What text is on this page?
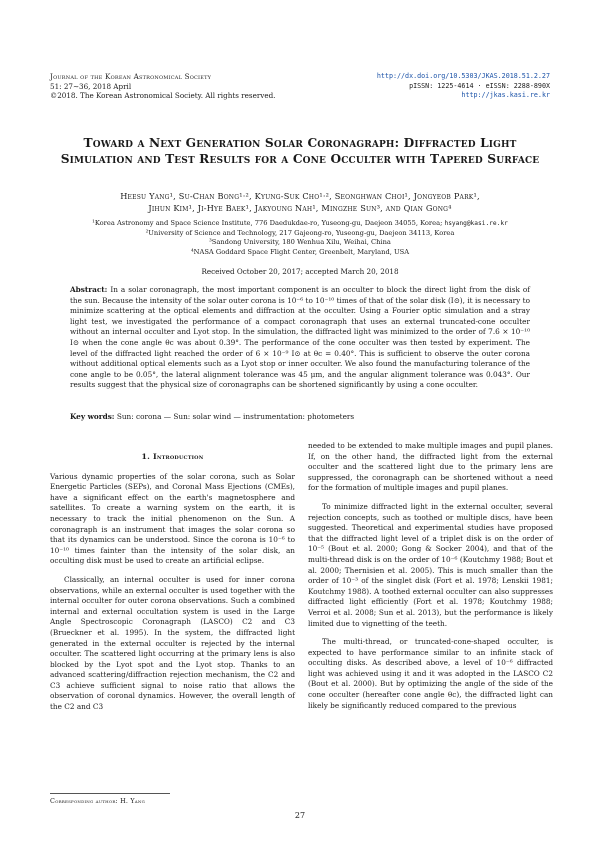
Journal of the Korean Astronomical Society
51: 27∼36, 2018 April
©2018. The Korean Astronomical Society. All rights reserved.
http://dx.doi.org/10.5303/JKAS.2018.51.2.27
pISSN: 1225-4614 · eISSN: 2288-890X
http://jkas.kasi.re.kr
Toward a Next Generation Solar Coronagraph: Diffracted Light Simulation and Test Results for a Cone Occulter with Tapered Surface
Heesu Yang¹, Su-Chan Bong¹·², Kyung-Suk Cho¹·², Seonghwan Choi¹, Jongyeob Park¹,
Jihun Kim¹, Ji-Hye Baek¹, Jakyoung Nah¹, Mingzhe Sun³, and Qian Gong⁴
¹Korea Astronomy and Space Science Institute, 776 Daedukdae-ro, Yuseong-gu, Daejeon 34055, Korea; hsyang@kasi.re.kr
²University of Science and Technology, 217 Gajeong-ro, Yuseong-gu, Daejeon 34113, Korea
³Sandong University, 180 Wenhua Xilu, Weihai, China
⁴NASA Goddard Space Flight Center, Greenbelt, Maryland, USA
Received October 20, 2017; accepted March 20, 2018
Abstract: In a solar coronagraph, the most important component is an occulter to block the direct light from the disk of the sun. Because the intensity of the solar outer corona is 10⁻⁶ to 10⁻¹⁰ times of that of the solar disk (I⊙), it is necessary to minimize scattering at the optical elements and diffraction at the occulter. Using a Fourier optic simulation and a stray light test, we investigated the performance of a compact coronagraph that uses an external truncated-cone occulter without an internal occulter and Lyot stop. In the simulation, the diffracted light was minimized to the order of 7.6 × 10⁻¹⁰ I⊙ when the cone angle θc was about 0.39°. The performance of the cone occulter was then tested by experiment. The level of the diffracted light reached the order of 6 × 10⁻⁹ I⊙ at θc = 0.40°. This is sufficient to observe the outer corona without additional optical elements such as a Lyot stop or inner occulter. We also found the manufacturing tolerance of the cone angle to be 0.05°, the lateral alignment tolerance was 45 μm, and the angular alignment tolerance was 0.043°. Our results suggest that the physical size of coronagraphs can be shortened significantly by using a cone occulter.
Key words: Sun: corona — Sun: solar wind — instrumentation: photometers
1. Introduction

Various dynamic properties of the solar corona, such as Solar Energetic Particles (SEPs), and Coronal Mass Ejections (CMEs), have a significant effect on the earth's magnetosphere and satellites. To create a warning system on the earth, it is necessary to track the initial phenomenon on the Sun. A coronagraph is an instrument that images the solar corona so that its dynamics can be understood. Since the corona is 10⁻⁶ to 10⁻¹⁰ times fainter than the intensity of the solar disk, an occulting disk must be used to create an artificial eclipse.

Classically, an internal occulter is used for inner corona observations, while an external occulter is used together with the internal occulter for outer corona observations. Such a combined internal and external occultation system is used in the Large Angle Spectroscopic Coronagraph (LASCO) C2 and C3 (Brueckner et al. 1995). In the system, the diffracted light generated in the external occulter is rejected by the internal occulter. The scattered light occurring at the primary lens is also blocked by the Lyot spot and the Lyot stop. Thanks to an advanced scattering/diffraction rejection mechanism, the C2 and C3 achieve sufficient signal to noise ratio that allows the observation of coronal dynamics. However, the overall length of the C2 and C3

needed to be extended to make multiple images and pupil planes. If, on the other hand, the diffracted light from the external occulter and the scattered light due to the primary lens are suppressed, the coronagraph can be shortened without a need for the formation of multiple images and pupil planes.

To minimize diffracted light in the external occulter, several rejection concepts, such as toothed or multiple discs, have been suggested. Theoretical and experimental studies have proposed that the diffracted light level of a triplet disk is on the order of 10⁻⁵ (Bout et al. 2000; Gong & Socker 2004), and that of the multi-thread disk is on the order of 10⁻⁶ (Koutchmy 1988; Bout et al. 2000; Thernisien et al. 2005). This is much smaller than the order of 10⁻³ of the singlet disk (Fort et al. 1978; Lenskii 1981; Koutchmy 1988). A toothed external occulter can also suppresses diffracted light efficiently (Fort et al. 1978; Koutchmy 1988; Verroi et al. 2008; Sun et al. 2013), but the performance is likely limited due to vignetting of the teeth.

The multi-thread, or truncated-cone-shaped occulter, is expected to have performance similar to an infinite stack of occulting disks. As described above, a level of 10⁻⁶ diffracted light was achieved using it and it was adopted in the LASCO C2 (Bout et al. 2000). But by optimizing the angle of the side of the cone occulter (hereafter cone angle θc), the diffracted light can likely be significantly reduced compared to the previous

Corresponding author: H. Yang
27
